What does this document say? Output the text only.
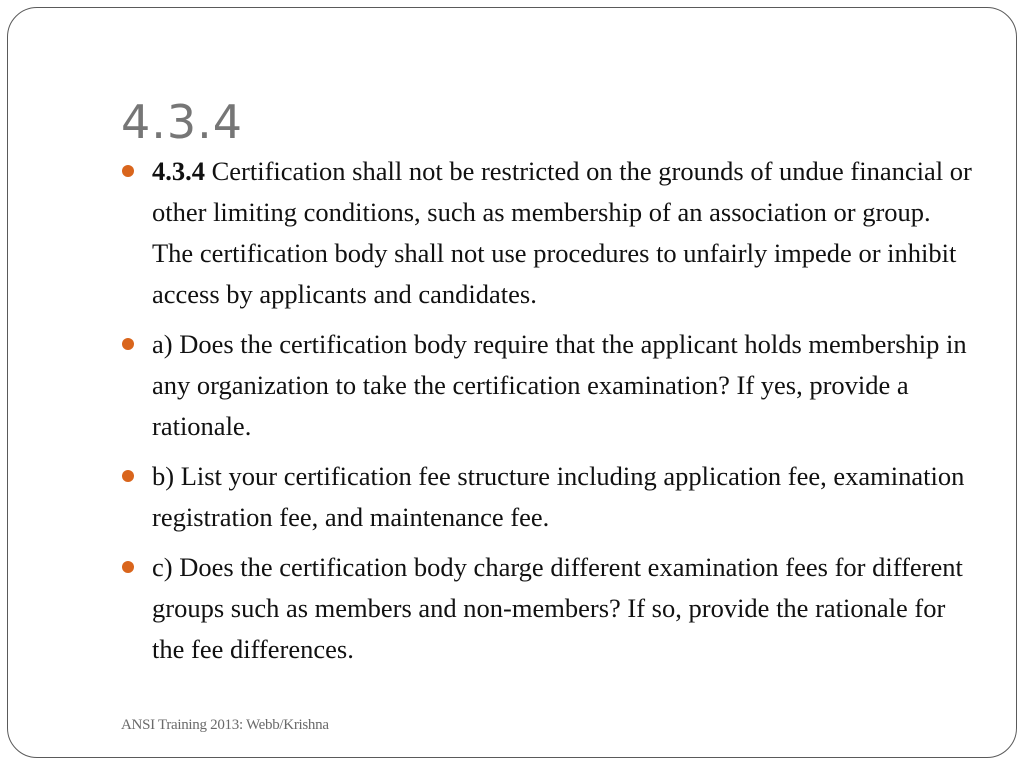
4.3.4
4.3.4 Certification shall not be restricted on the grounds of undue financial or other limiting conditions, such as membership of an association or group. The certification body shall not use procedures to unfairly impede or inhibit access by applicants and candidates.
a) Does the certification body require that the applicant holds membership in any organization to take the certification examination? If yes, provide a rationale.
b) List your certification fee structure including application fee, examination registration fee, and maintenance fee.
c) Does the certification body charge different examination fees for different groups such as members and non-members? If so, provide the rationale for the fee differences.
ANSI Training 2013: Webb/Krishna
